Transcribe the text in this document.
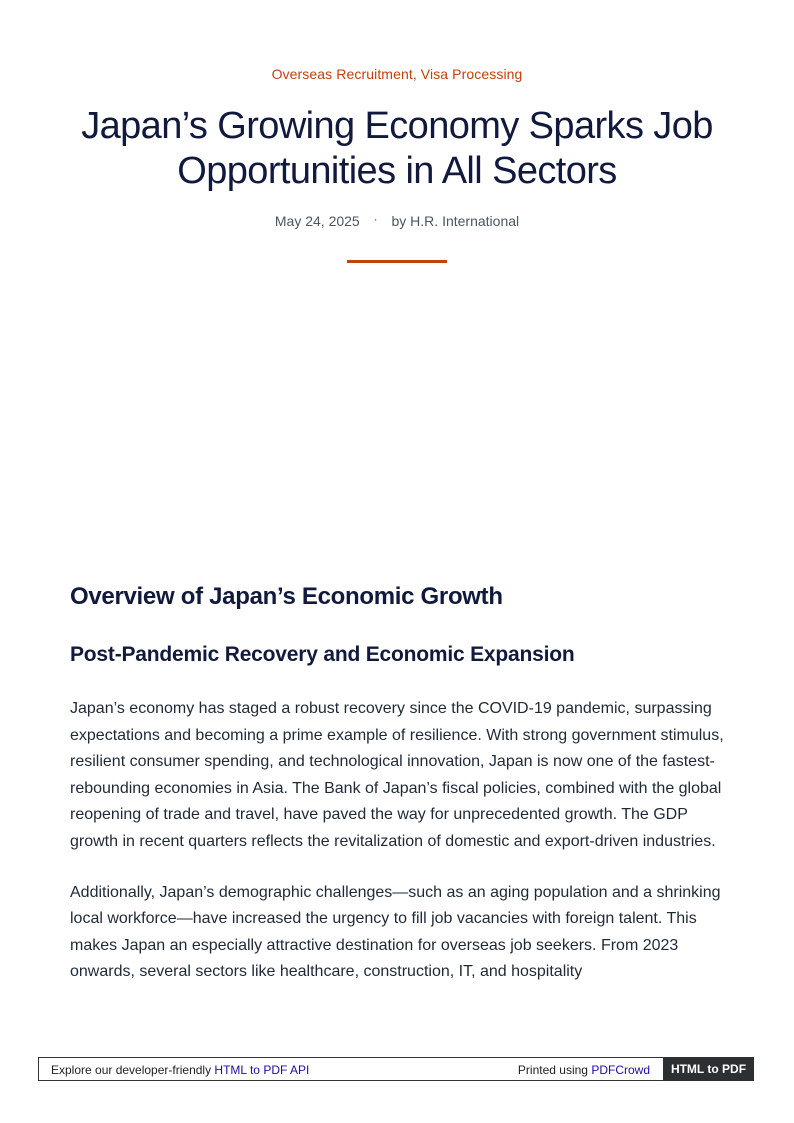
Overseas Recruitment, Visa Processing
Japan’s Growing Economy Sparks Job Opportunities in All Sectors
May 24, 2025 · by H.R. International
Overview of Japan’s Economic Growth
Post-Pandemic Recovery and Economic Expansion

Japan’s economy has staged a robust recovery since the COVID-19 pandemic, surpassing expectations and becoming a prime example of resilience. With strong government stimulus, resilient consumer spending, and technological innovation, Japan is now one of the fastest-rebounding economies in Asia. The Bank of Japan’s fiscal policies, combined with the global reopening of trade and travel, have paved the way for unprecedented growth. The GDP growth in recent quarters reflects the revitalization of domestic and export-driven industries.

Additionally, Japan’s demographic challenges—such as an aging population and a shrinking local workforce—have increased the urgency to fill job vacancies with foreign talent. This makes Japan an especially attractive destination for overseas job seekers. From 2023 onwards, several sectors like healthcare, construction, IT, and hospitality

Explore our developer-friendly HTML to PDF API	Printed using PDFCrowd	HTML to PDF
